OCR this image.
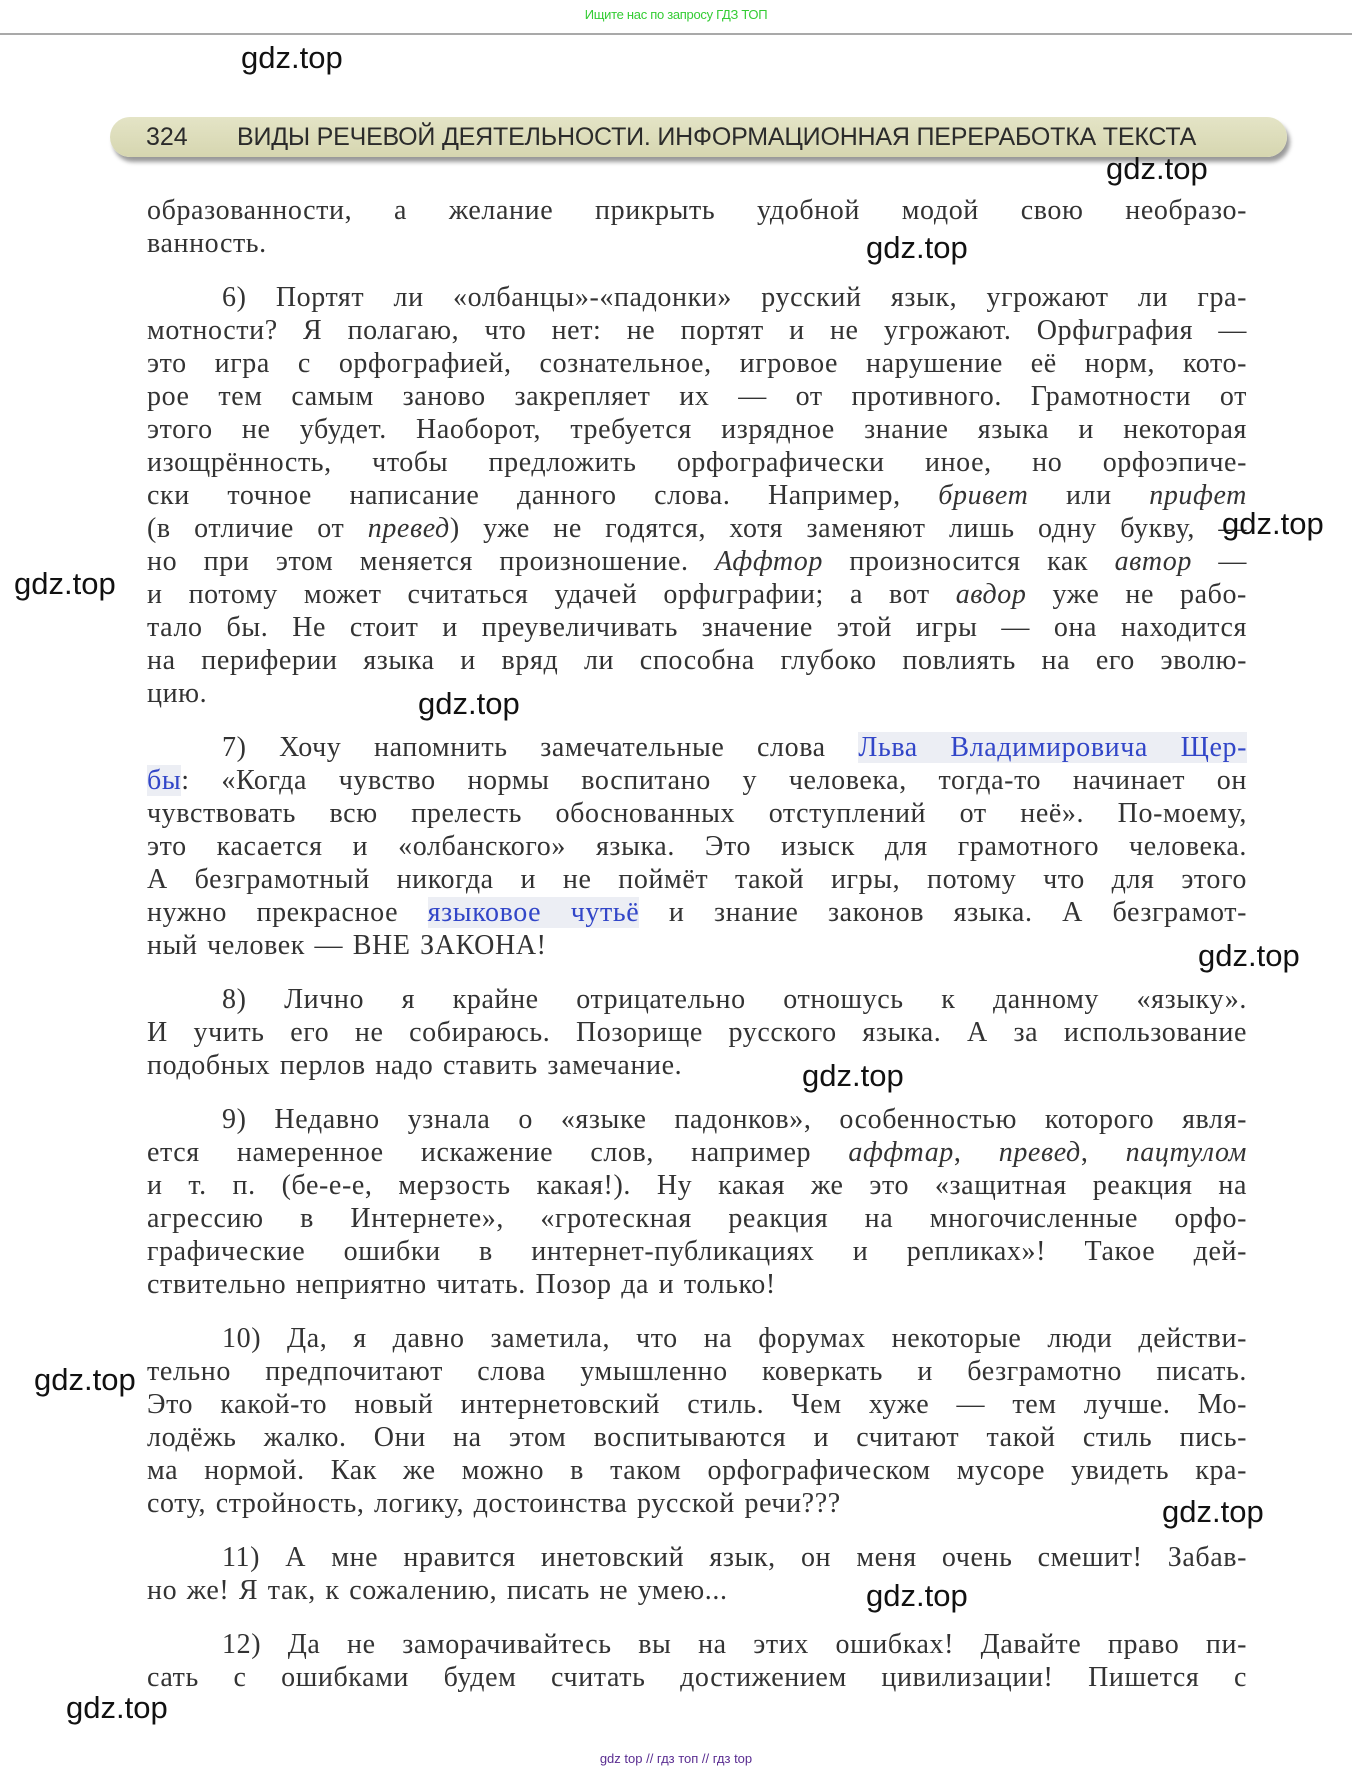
Ищите нас по запросу ГДЗ ТОП
324 ВИДЫ РЕЧЕВОЙ ДЕЯТЕЛЬНОСТИ. ИНФОРМАЦИОННАЯ ПЕРЕРАБОТКА ТЕКСТА
образованности, а желание прикрыть удобной модой свою необразо-
ванность.
6) Портят ли «олбанцы»-«падонки» русский язык, угрожают ли гра-
мотности? Я полагаю, что нет: не портят и не угрожают. Орфиграфия —
это игра с орфографией, сознательное, игровое нарушение её норм, кото-
рое тем самым заново закрепляет их — от противного. Грамотности от
этого не убудет. Наоборот, требуется изрядное знание языка и некоторая
изощрённость, чтобы предложить орфографически иное, но орфоэпиче-
ски точное написание данного слова. Например, бривет или прифет
(в отличие от превед) уже не годятся, хотя заменяют лишь одну букву, —
но при этом меняется произношение. Аффтор произносится как автор —
и потому может считаться удачей орфиграфии; а вот авдор уже не рабо-
тало бы. Не стоит и преувеличивать значение этой игры — она находится
на периферии языка и вряд ли способна глубоко повлиять на его эволю-
цию.
7) Хочу напомнить замечательные слова Льва Владимировича Щер-
бы: «Когда чувство нормы воспитано у человека, тогда-то начинает он
чувствовать всю прелесть обоснованных отступлений от неё». По-моему,
это касается и «олбанского» языка. Это изыск для грамотного человека.
А безграмотный никогда и не поймёт такой игры, потому что для этого
нужно прекрасное языковое чутьё и знание законов языка. А безграмот-
ный человек — ВНЕ ЗАКОНА!
8) Лично я крайне отрицательно отношусь к данному «языку».
И учить его не собираюсь. Позорище русского языка. А за использование
подобных перлов надо ставить замечание.
9) Недавно узнала о «языке падонков», особенностью которого явля-
ется намеренное искажение слов, например аффтар, превед, пацтулом
и т. п. (бе-е-е, мерзость какая!). Ну какая же это «защитная реакция на
агрессию в Интернете», «гротескная реакция на многочисленные орфо-
графические ошибки в интернет-публикациях и репликах»! Такое дей-
ствительно неприятно читать. Позор да и только!
10) Да, я давно заметила, что на форумах некоторые люди действи-
тельно предпочитают слова умышленно коверкать и безграмотно писать.
Это какой-то новый интернетовский стиль. Чем хуже — тем лучше. Мо-
лодёжь жалко. Они на этом воспитываются и считают такой стиль пись-
ма нормой. Как же можно в таком орфографическом мусоре увидеть кра-
соту, стройность, логику, достоинства русской речи???
11) А мне нравится инетовский язык, он меня очень смешит! Забав-
но же! Я так, к сожалению, писать не умею...
12) Да не заморачивайтесь вы на этих ошибках! Давайте право пи-
сать с ошибками будем считать достижением цивилизации! Пишется с
gdz.top
gdz.top
gdz.top
gdz.top
gdz.top
gdz.top
gdz.top
gdz.top
gdz.top
gdz.top
gdz.top
gdz.top
gdz top // гдз топ // гдз top
